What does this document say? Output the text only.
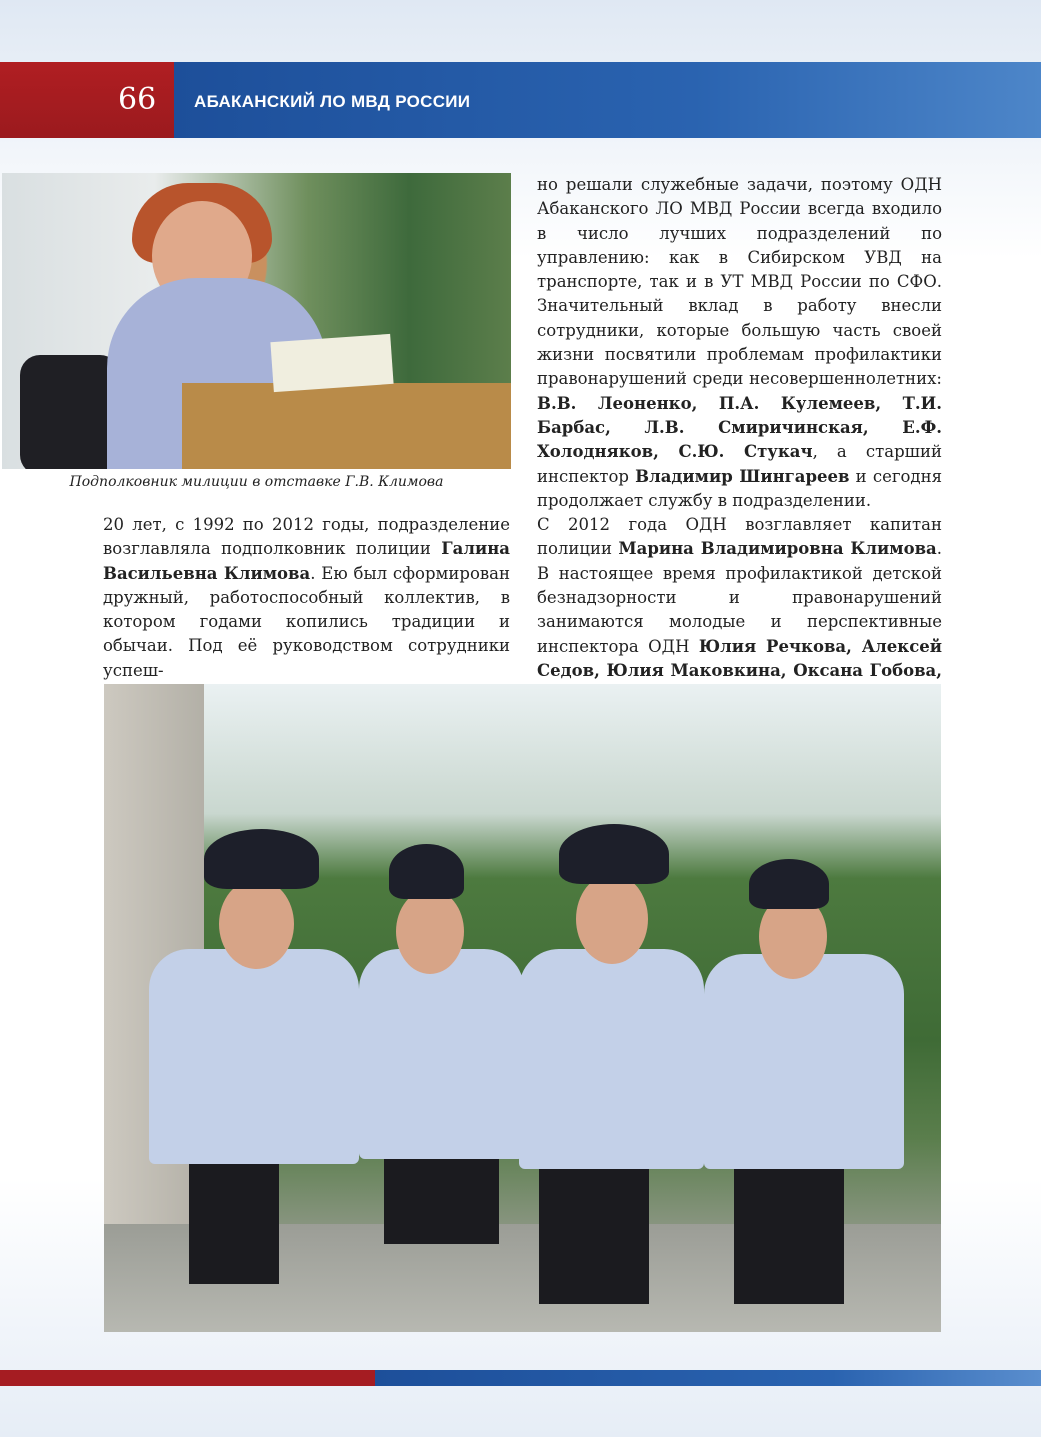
66 АБАКАНСКИЙ ЛО МВД РОССИИ
Подполковник милиции в отставке Г.В. Климова

20 лет, с 1992 по 2012 годы, подразделение возглавляла подполковник полиции Галина Васильевна Климова. Ею был сформирован дружный, работоспособный коллектив, в котором годами копились традиции и обычаи. Под её руководством сотрудники успеш-

но решали служебные задачи, поэтому ОДН Абаканского ЛО МВД России всегда входило в число лучших подразделений по управлению: как в Сибирском УВД на транспорте, так и в УТ МВД России по СФО. Значительный вклад в работу внесли сотрудники, которые большую часть своей жизни посвятили проблемам профилактики правонарушений среди несовершеннолетних: В.В. Леоненко, П.А. Кулемеев, Т.И. Барбас, Л.В. Смиричинская, Е.Ф. Холодняков, С.Ю. Стукач, а старший инспектор Владимир Шингареев и сегодня продолжает службу в подразделении.

С 2012 года ОДН возглавляет капитан полиции Марина Владимировна Климова. В настоящее время профилактикой детской безнадзорности и правонарушений занимаются молодые и перспективные инспектора ОДН Юлия Речкова, Алексей Седов, Юлия Маковкина, Оксана Гобова,
